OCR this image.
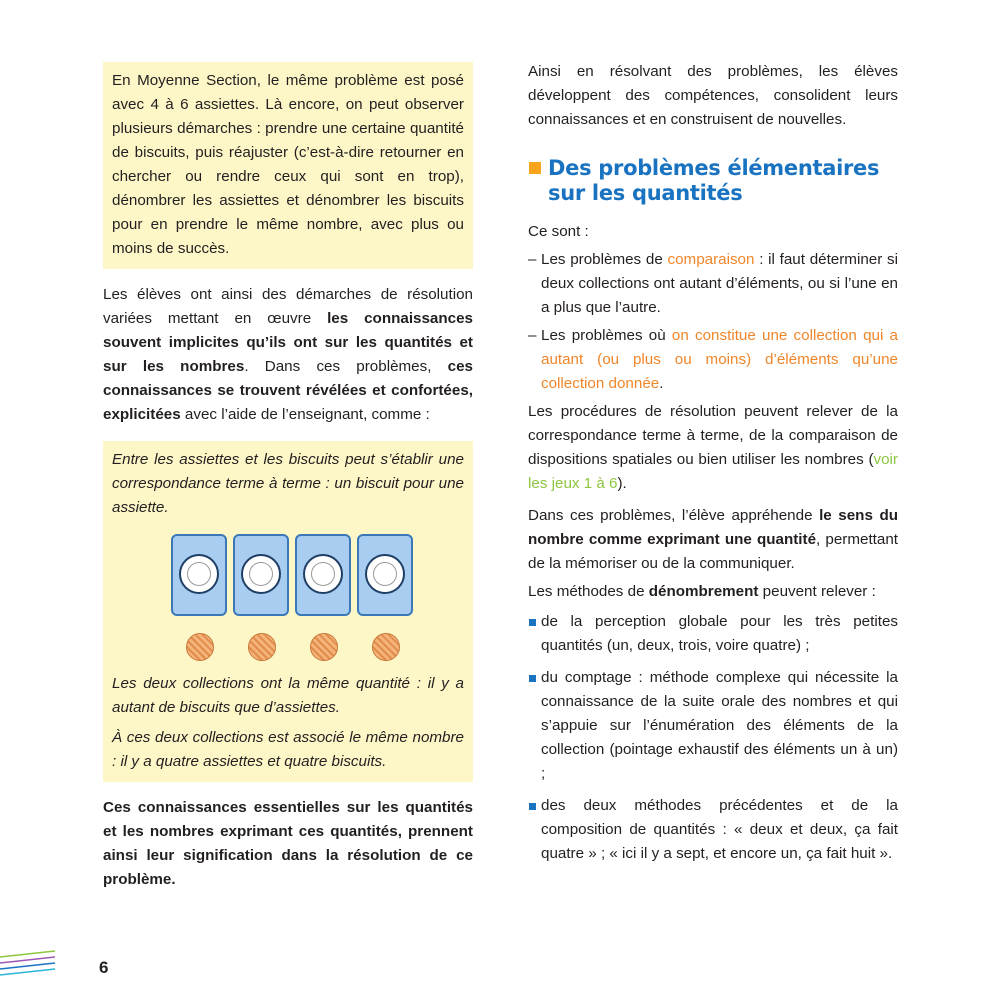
En Moyenne Section, le même problème est posé avec 4 à 6 assiettes. Là encore, on peut observer plusieurs démarches : prendre une certaine quantité de biscuits, puis réajuster (c’est-à-dire retourner en chercher ou rendre ceux qui sont en trop), dénombrer les assiettes et dénombrer les biscuits pour en prendre le même nombre, avec plus ou moins de succès.

Les élèves ont ainsi des démarches de résolution variées mettant en œuvre les connaissances souvent implicites qu’ils ont sur les quantités et sur les nombres. Dans ces problèmes, ces connaissances se trouvent révélées et confortées, explicitées avec l’aide de l’enseignant, comme :

Entre les assiettes et les biscuits peut s’établir une correspondance terme à terme : un biscuit pour une assiette.

Les deux collections ont la même quantité : il y a autant de biscuits que d’assiettes.

À ces deux collections est associé le même nombre : il y a quatre assiettes et quatre biscuits.

Ces connaissances essentielles sur les quantités et les nombres exprimant ces quantités, prennent ainsi leur signification dans la résolution de ce problème.

Ainsi en résolvant des problèmes, les élèves développent des compétences, consolident leurs connaissances et en construisent de nouvelles.

Des problèmes élémentaires
sur les quantités

Ce sont :

– Les problèmes de comparaison : il faut déterminer si deux collections ont autant d’éléments, ou si l’une en a plus que l’autre.
– Les problèmes où on constitue une collection qui a autant (ou plus ou moins) d’éléments qu’une collection donnée.

Les procédures de résolution peuvent relever de la correspondance terme à terme, de la comparaison de dispositions spatiales ou bien utiliser les nombres (voir les jeux 1 à 6).

Dans ces problèmes, l’élève appréhende le sens du nombre comme exprimant une quantité, permettant de la mémoriser ou de la communiquer.

Les méthodes de dénombrement peuvent relever :

de la perception globale pour les très petites quantités (un, deux, trois, voire quatre) ;
du comptage : méthode complexe qui nécessite la connaissance de la suite orale des nombres et qui s’appuie sur l’énumération des éléments de la collection (pointage exhaustif des éléments un à un) ;
des deux méthodes précédentes et de la composition de quantités : « deux et deux, ça fait quatre » ; « ici il y a sept, et encore un, ça fait huit ».
6
